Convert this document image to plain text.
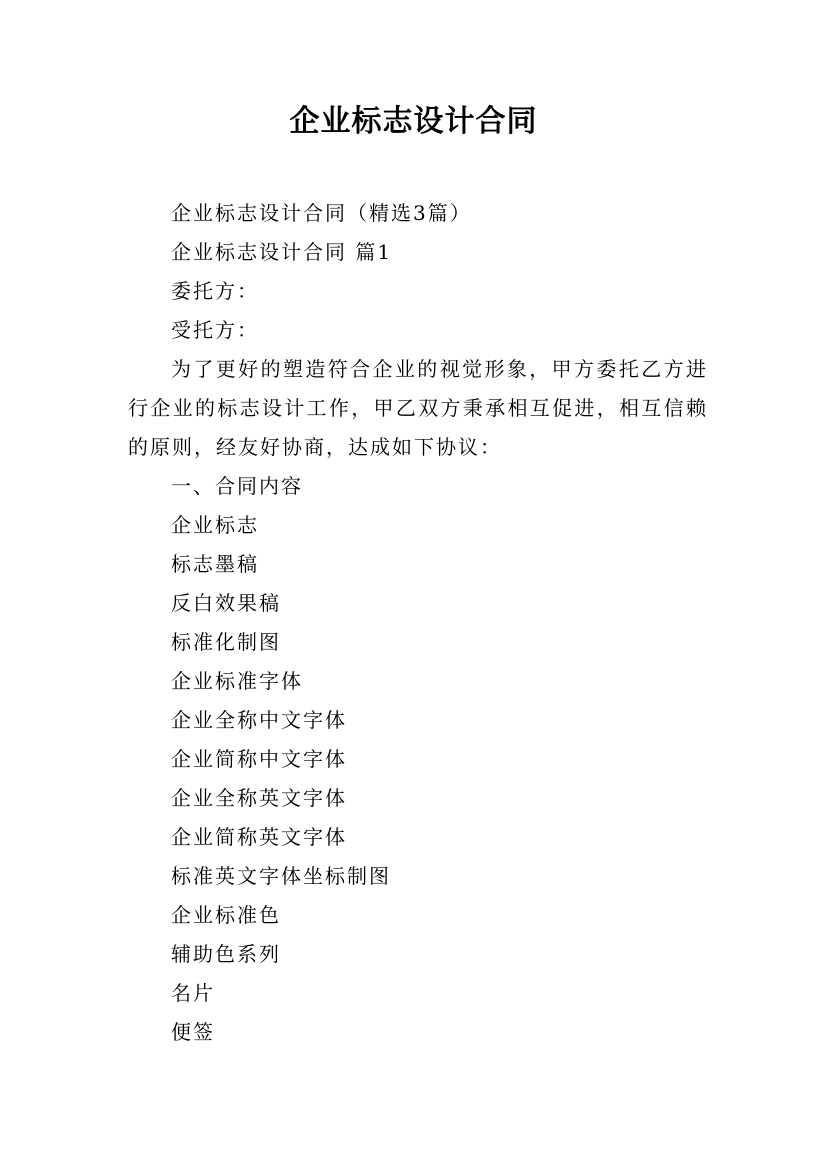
企业标志设计合同

企业标志设计合同（精选3篇）

企业标志设计合同 篇1

委托方：

受托方：

为了更好的塑造符合企业的视觉形象，甲方委托乙方进行企业的标志设计工作，甲乙双方秉承相互促进，相互信赖的原则，经友好协商，达成如下协议：

一、合同内容

企业标志

标志墨稿

反白效果稿

标准化制图

企业标准字体

企业全称中文字体

企业简称中文字体

企业全称英文字体

企业简称英文字体

标准英文字体坐标制图

企业标准色

辅助色系列

名片

便签
